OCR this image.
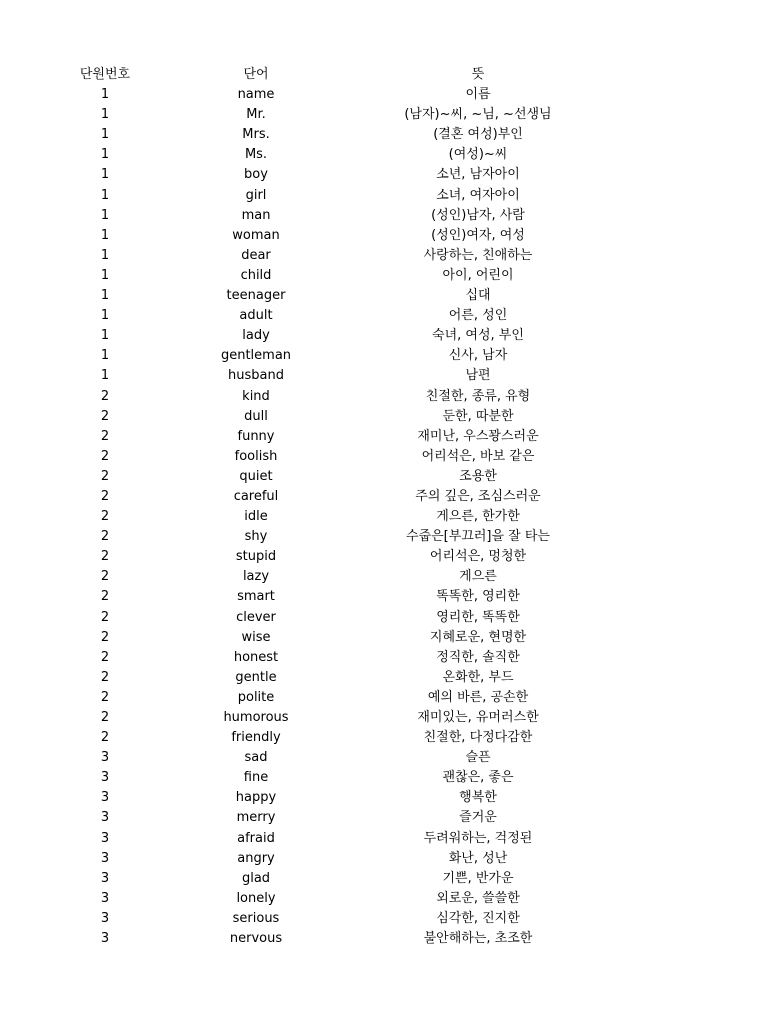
단원번호	단어	뜻
1	name	이름
1	Mr.	(남자)~씨, ~님, ~선생님
1	Mrs.	(결혼 여성)부인
1	Ms.	(여성)~씨
1	boy	소년, 남자아이
1	girl	소녀, 여자아이
1	man	(성인)남자, 사람
1	woman	(성인)여자, 여성
1	dear	사랑하는, 친애하는
1	child	아이, 어린이
1	teenager	십대
1	adult	어른, 성인
1	lady	숙녀, 여성, 부인
1	gentleman	신사, 남자
1	husband	남편
2	kind	친절한, 종류, 유형
2	dull	둔한, 따분한
2	funny	재미난, 우스꽝스러운
2	foolish	어리석은, 바보 같은
2	quiet	조용한
2	careful	주의 깊은, 조심스러운
2	idle	게으른, 한가한
2	shy	수줍은[부끄러]을 잘 타는
2	stupid	어리석은, 멍청한
2	lazy	게으른
2	smart	똑똑한, 영리한
2	clever	영리한, 똑똑한
2	wise	지혜로운, 현명한
2	honest	정직한, 솔직한
2	gentle	온화한, 부드
2	polite	예의 바른, 공손한
2	humorous	재미있는, 유머러스한
2	friendly	친절한, 다정다감한
3	sad	슬픈
3	fine	괜찮은, 좋은
3	happy	행복한
3	merry	즐거운
3	afraid	두려워하는, 걱정된
3	angry	화난, 성난
3	glad	기쁜, 반가운
3	lonely	외로운, 쓸쓸한
3	serious	심각한, 진지한
3	nervous	불안해하는, 초조한
